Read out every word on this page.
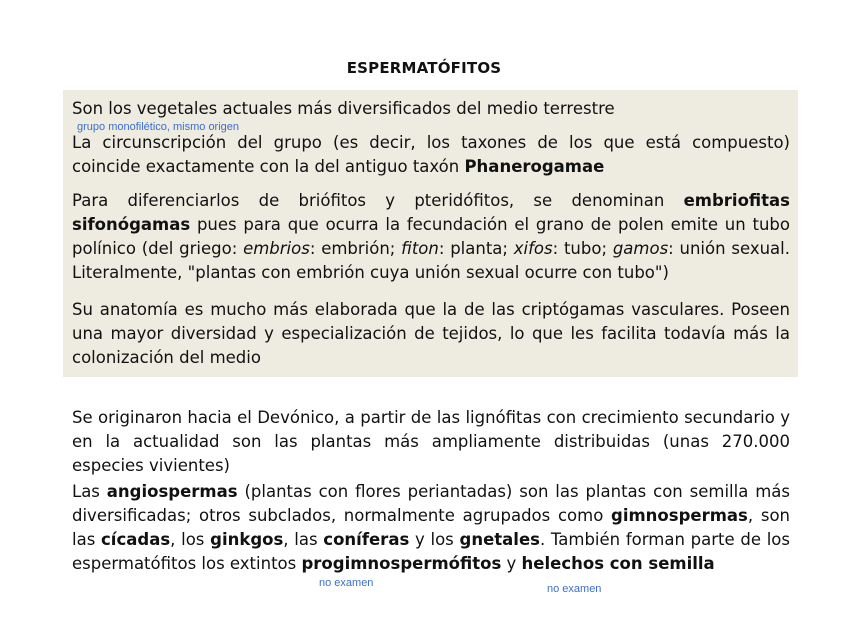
ESPERMATÓFITOS

Son los vegetales actuales más diversificados del medio terrestre

grupo monofilético, mismo origen

La circunscripción del grupo (es decir, los taxones de los que está compuesto) coincide exactamente con la del antiguo taxón Phanerogamae

Para diferenciarlos de briófitos y pteridófitos, se denominan embriofitas sifonógamas pues para que ocurra la fecundación el grano de polen emite un tubo polínico (del griego: embrios: embrión; fiton: planta; xifos: tubo; gamos: unión sexual. Literalmente, "plantas con embrión cuya unión sexual ocurre con tubo")

Su anatomía es mucho más elaborada que la de las criptógamas vasculares. Poseen una mayor diversidad y especialización de tejidos, lo que les facilita todavía más la colonización del medio

Se originaron hacia el Devónico, a partir de las lignófitas con crecimiento secundario y en la actualidad son las plantas más ampliamente distribuidas (unas 270.000 especies vivientes)

Las angiospermas (plantas con flores periantadas) son las plantas con semilla más diversificadas; otros subclados, normalmente agrupados como gimnospermas, son las cícadas, los ginkgos, las coníferas y los gnetales. También forman parte de los espermatófitos los extintos progimnospermófitos y helechos con semilla

no examen	no examen
